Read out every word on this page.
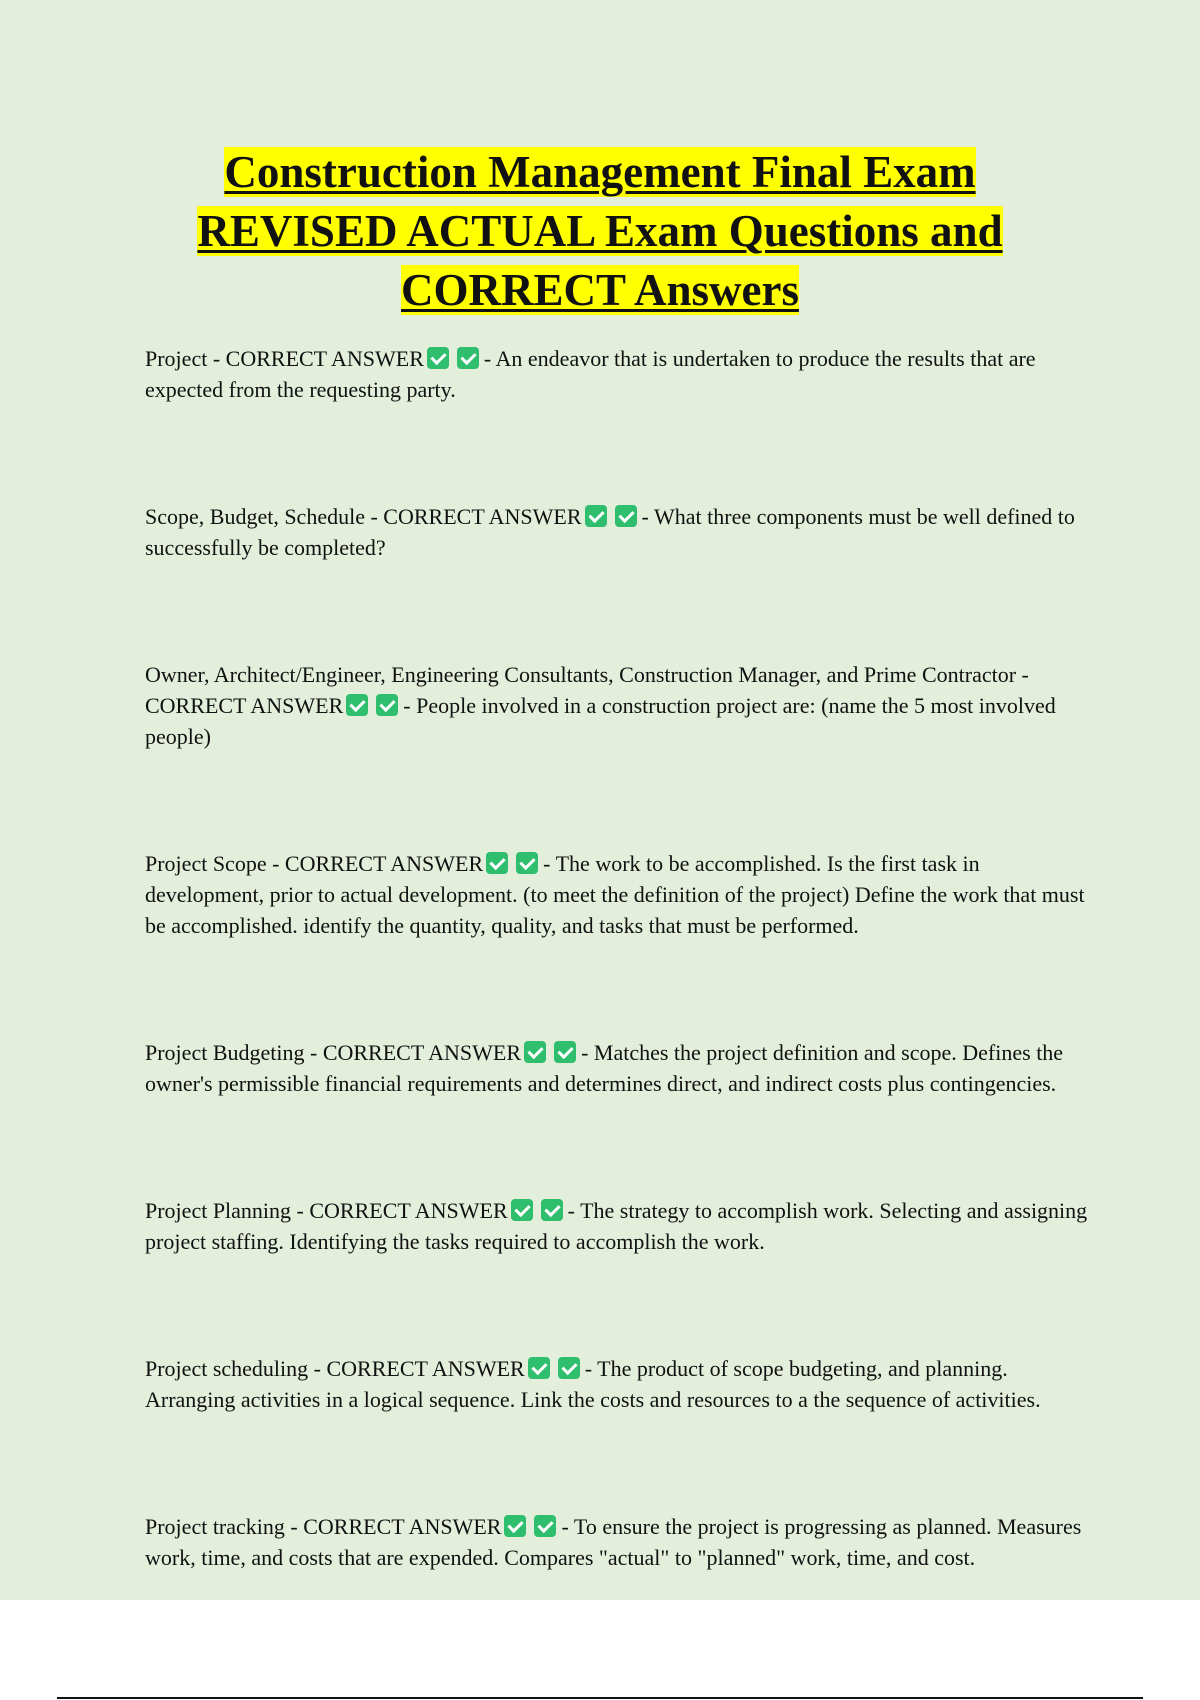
Construction Management Final Exam REVISED ACTUAL Exam Questions and CORRECT Answers

Project - CORRECT ANSWER	- An endeavor that is undertaken to produce the results that are expected from the requesting party.

Scope, Budget, Schedule - CORRECT ANSWER	- What three components must be well defined to successfully be completed?

Owner, Architect/Engineer, Engineering Consultants, Construction Manager, and Prime Contractor - CORRECT ANSWER	- People involved in a construction project are: (name the 5 most involved people)

Project Scope - CORRECT ANSWER	- The work to be accomplished. Is the first task in development, prior to actual development. (to meet the definition of the project) Define the work that must be accomplished. identify the quantity, quality, and tasks that must be performed.

Project Budgeting - CORRECT ANSWER	- Matches the project definition and scope. Defines the owner's permissible financial requirements and determines direct, and indirect costs plus contingencies.

Project Planning - CORRECT ANSWER	- The strategy to accomplish work. Selecting and assigning project staffing. Identifying the tasks required to accomplish the work.

Project scheduling - CORRECT ANSWER	- The product of scope budgeting, and planning. Arranging activities in a logical sequence. Link the costs and resources to a the sequence of activities.

Project tracking - CORRECT ANSWER	- To ensure the project is progressing as planned. Measures work, time, and costs that are expended. Compares "actual" to "planned" work, time, and cost.
